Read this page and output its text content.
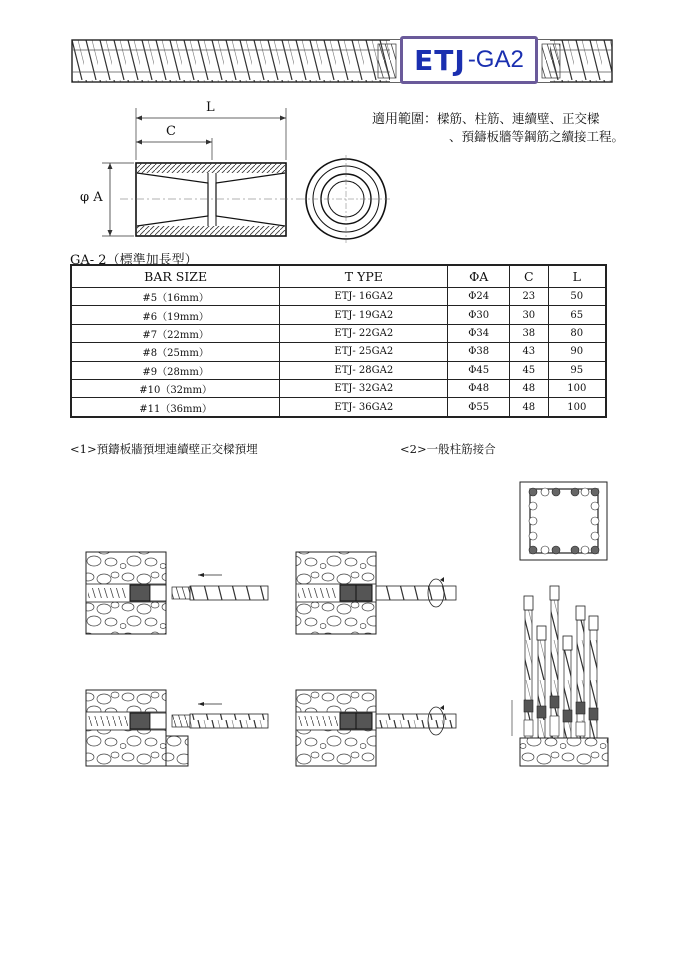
ETJ -GA2
適用範圍：樑筋、柱筋、連續壁、正交樑
、預鑄板牆等鋼筋之續接工程。
L
C
φ A
GA- 2（標準加長型）
BAR SIZE	T YPE	ΦA	C	L
#5（16mm）	ETJ- 16GA2	Φ24	23	50
#6（19mm）	ETJ- 19GA2	Φ30	30	65
#7（22mm）	ETJ- 22GA2	Φ34	38	80
#8（25mm）	ETJ- 25GA2	Φ38	43	90
#9（28mm）	ETJ- 28GA2	Φ45	45	95
#10（32mm）	ETJ- 32GA2	Φ48	48	100
#11（36mm）	ETJ- 36GA2	Φ55	48	100
<1>預鑄板牆預埋連續壁正交樑預埋	<2>一般柱筋接合
